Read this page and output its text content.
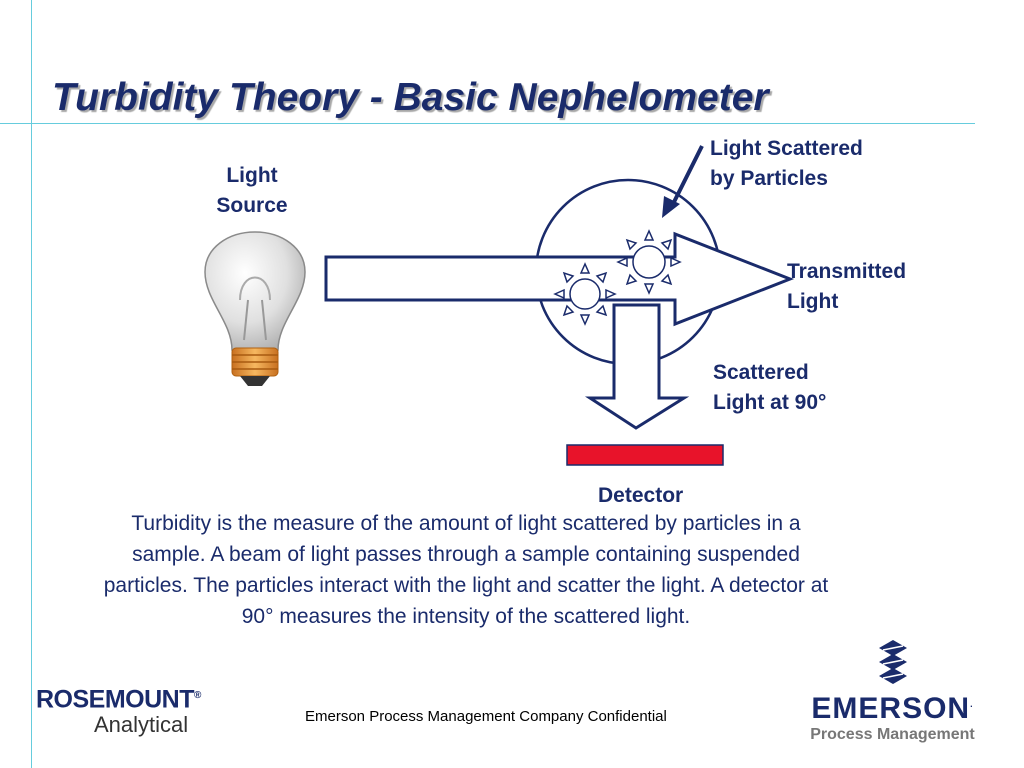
Turbidity Theory - Basic Nephelometer
Light
Source
Light Scattered
by Particles
Transmitted
Light
Scattered
Light at 90°
Detector

Turbidity is the measure of the amount of light scattered by particles in a sample. A beam of light passes through a sample containing suspended particles. The particles interact with the light and scatter the light. A detector at 90° measures the intensity of the scattered light.

ROSEMOUNT®
Analytical	Emerson Process Management Company Confidential	EMERSON.
Process Management
